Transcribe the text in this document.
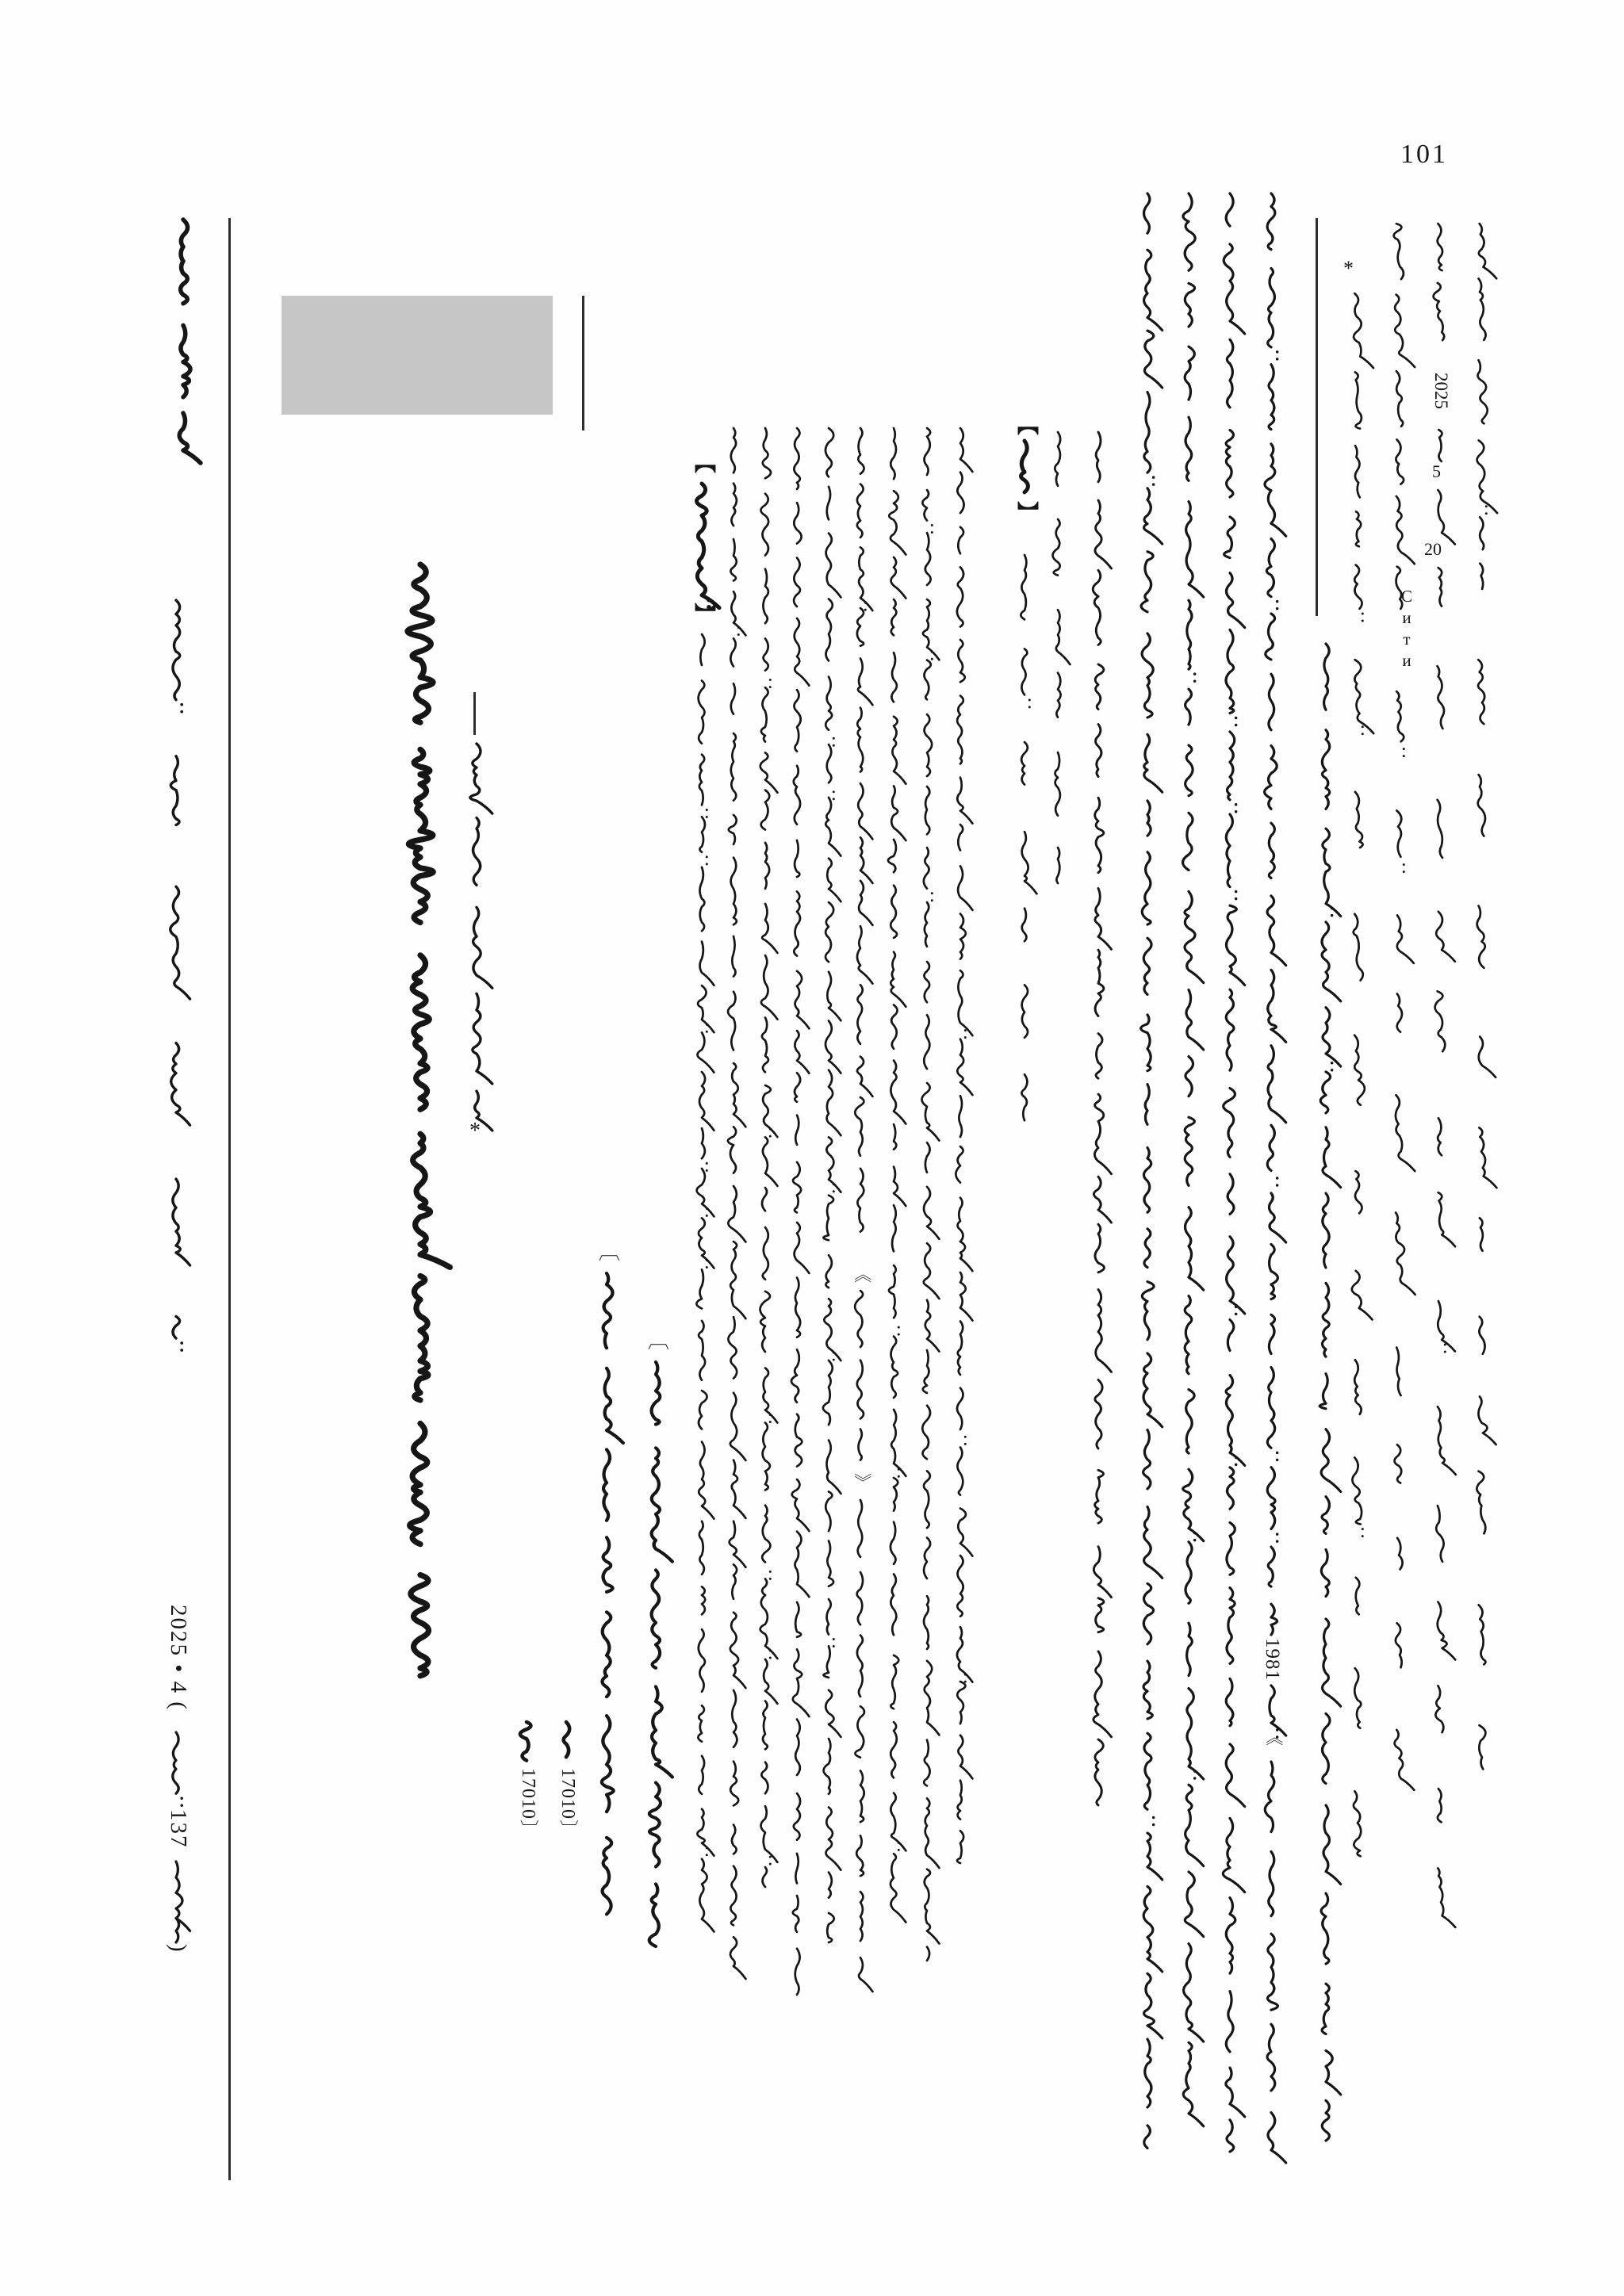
101
2025 • 4 (
137
)
*
〔
〔
17010〕 17010〕
【
】
【
】
《
》
1981
《
*
2025
5
20
Сити
